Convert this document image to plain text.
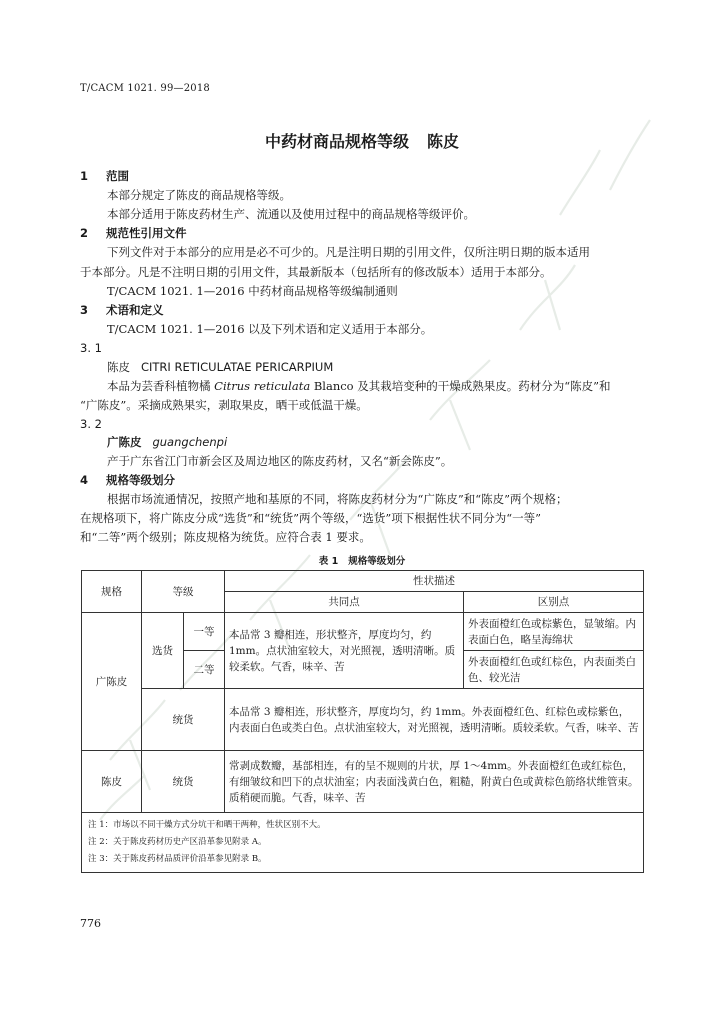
T/CACM 1021. 99—2018
中药材商品规格等级 陈皮
1 范围
本部分规定了陈皮的商品规格等级。
本部分适用于陈皮药材生产、流通以及使用过程中的商品规格等级评价。
2 规范性引用文件
下列文件对于本部分的应用是必不可少的。凡是注明日期的引用文件，仅所注明日期的版本适用
于本部分。凡是不注明日期的引用文件，其最新版本（包括所有的修改版本）适用于本部分。
T/CACM 1021. 1—2016 中药材商品规格等级编制通则
3 术语和定义
T/CACM 1021. 1—2016 以及下列术语和定义适用于本部分。
3. 1
陈皮 CITRI RETICULATAE PERICARPIUM
本品为芸香科植物橘 Citrus reticulata Blanco 及其栽培变种的干燥成熟果皮。药材分为“陈皮”和
“广陈皮”。采摘成熟果实，剥取果皮，晒干或低温干燥。
3. 2
广陈皮 guangchenpi
产于广东省江门市新会区及周边地区的陈皮药材，又名“新会陈皮”。
4 规格等级划分
根据市场流通情况，按照产地和基原的不同，将陈皮药材分为“广陈皮”和“陈皮”两个规格；
在规格项下，将广陈皮分成“选货”和“统货”两个等级，“选货”项下根据性状不同分为“一等”
和“二等”两个级别；陈皮规格为统货。应符合表 1 要求。
表 1 规格等级划分
规格	等级		性状描述	
			共同点	区别点
广陈皮	选货	一等	本品常 3 瓣相连，形状整齐，厚度均匀，约 1mm。点状油室较大，对光照视，透明清晰。质较柔软。气香，味辛、苦	外表面橙红色或棕紫色，显皱缩。内表面白色，略呈海绵状
		二等		外表面橙红色或红棕色，内表面类白色、较光洁
	统货		本品常 3 瓣相连，形状整齐，厚度均匀，约 1mm。外表面橙红色、红棕色或棕紫色，内表面白色或类白色。点状油室较大，对光照视，透明清晰。质较柔软。气香，味辛、苦	
陈皮	统货		常剥成数瓣，基部相连，有的呈不规则的片状，厚 1～4mm。外表面橙红色或红棕色，有细皱纹和凹下的点状油室；内表面浅黄白色，粗糙，附黄白色或黄棕色筋络状维管束。质稍硬而脆。气香，味辛、苦	

注 1：市场以不同干燥方式分坑干和晒干两种，性状区别不大。
注 2：关于陈皮药材历史产区沿革参见附录 A。
注 3：关于陈皮药材品质评价沿革参见附录 B。				
776
